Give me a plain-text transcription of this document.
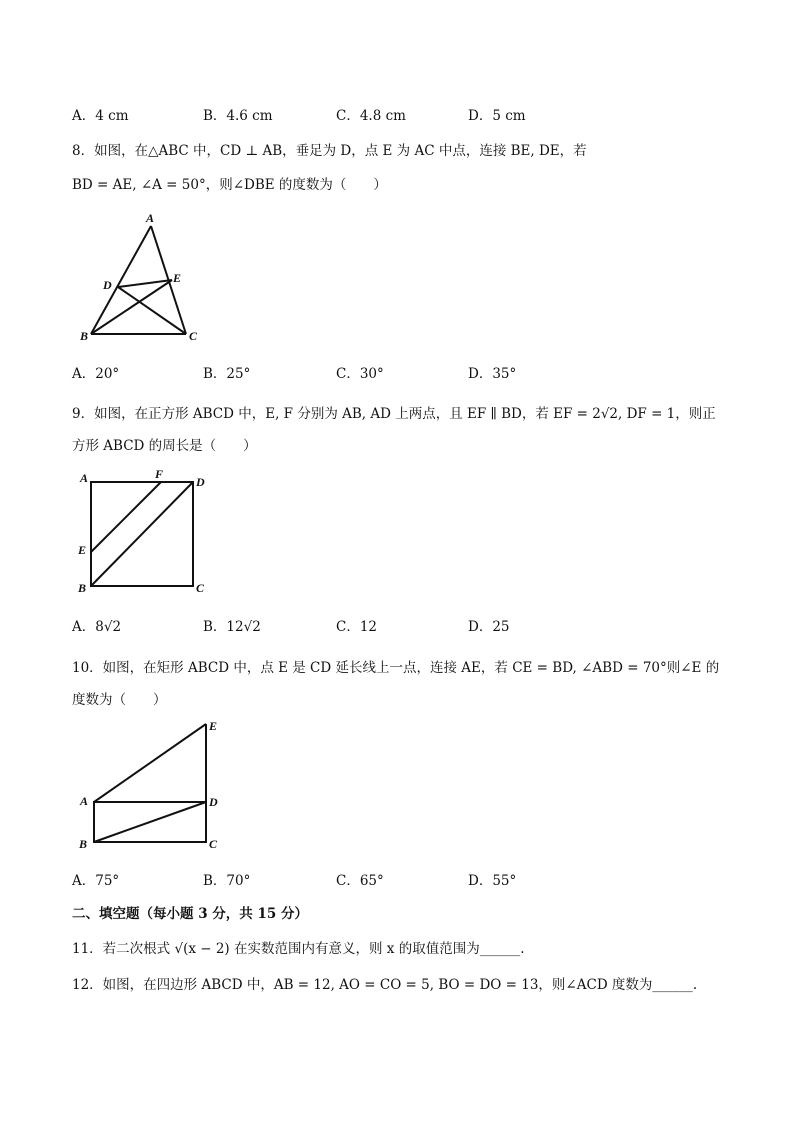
A．4 cm	B．4.6 cm	C．4.8 cm	D．5 cm
8．如图，在△ABC 中，CD ⊥ AB，垂足为 D，点 E 为 AC 中点，连接 BE, DE，若
BD = AE, ∠A = 50°，则∠DBE 的度数为（　　）
A
D	E
B	C
A．20°	B．25°	C．30°	D．35°
9．如图，在正方形 ABCD 中，E, F 分别为 AB, AD 上两点，且 EF ∥ BD，若 EF = 2√2, DF = 1，则正
方形 ABCD 的周长是（　　）
A	F
D
E
B	C
A．8√2	B．12√2	C．12	D．25
10．如图，在矩形 ABCD 中，点 E 是 CD 延长线上一点，连接 AE，若 CE = BD, ∠ABD = 70°则∠E 的
度数为（　　）
E
A	D
B	C
A．75°	B．70°	C．65°	D．55°
二、填空题（每小题 3 分，共 15 分）
11．若二次根式 √(x − 2) 在实数范围内有意义，则 x 的取值范围为______.
12．如图，在四边形 ABCD 中，AB = 12, AO = CO = 5, BO = DO = 13，则∠ACD 度数为______.
